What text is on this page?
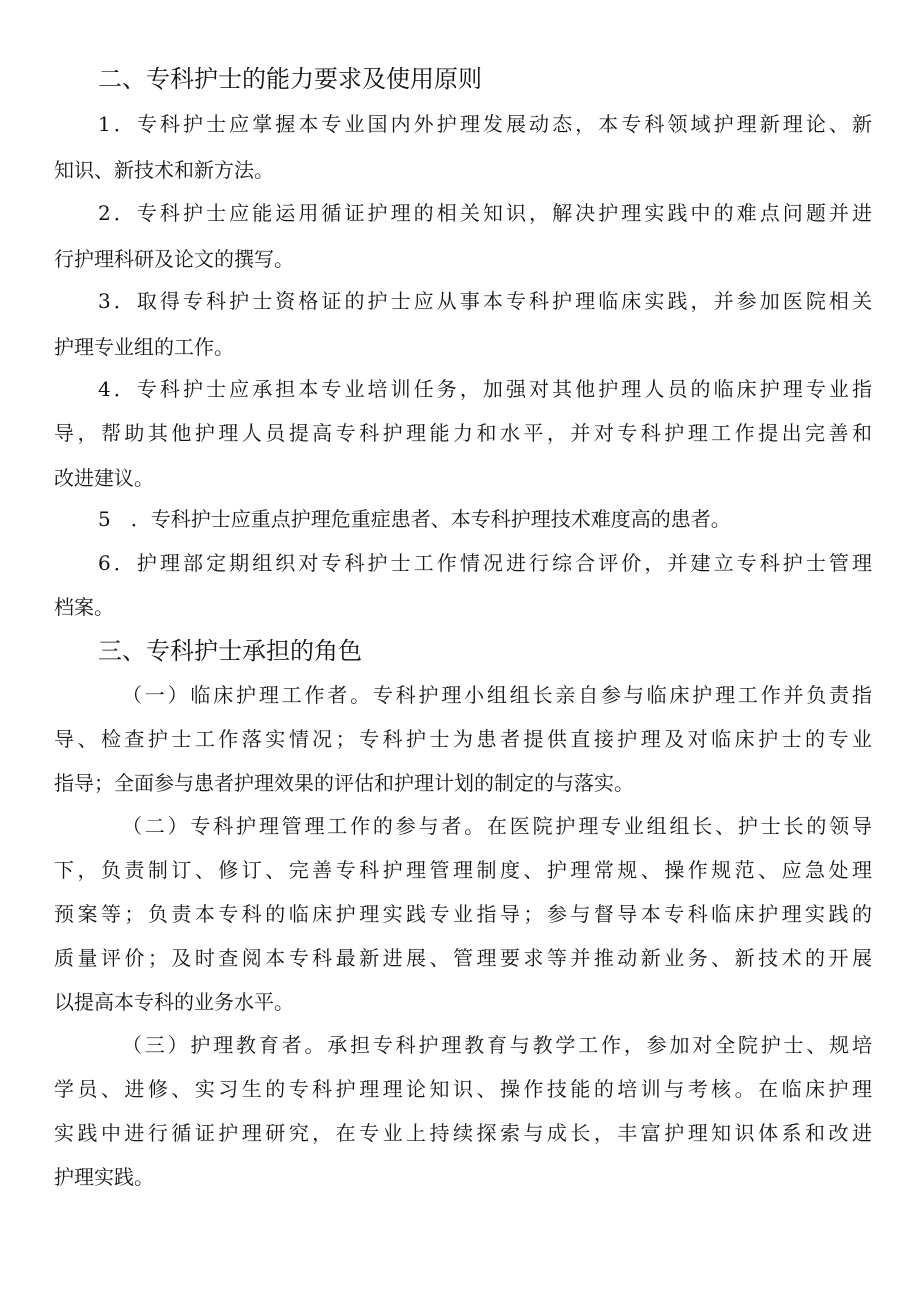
二、专科护士的能力要求及使用原则
1．专科护士应掌握本专业国内外护理发展动态，本专科领域护理新理论、新
知识、新技术和新方法。
2．专科护士应能运用循证护理的相关知识，解决护理实践中的难点问题并进
行护理科研及论文的撰写。
3．取得专科护士资格证的护士应从事本专科护理临床实践，并参加医院相关
护理专业组的工作。
4．专科护士应承担本专业培训任务，加强对其他护理人员的临床护理专业指
导，帮助其他护理人员提高专科护理能力和水平，并对专科护理工作提出完善和
改进建议。
5　．专科护士应重点护理危重症患者、本专科护理技术难度高的患者。
6．护理部定期组织对专科护士工作情况进行综合评价，并建立专科护士管理
档案。
三、专科护士承担的角色
（一）临床护理工作者。专科护理小组组长亲自参与临床护理工作并负责指
导、检查护士工作落实情况；专科护士为患者提供直接护理及对临床护士的专业
指导；全面参与患者护理效果的评估和护理计划的制定的与落实。
（二）专科护理管理工作的参与者。在医院护理专业组组长、护士长的领导
下，负责制订、修订、完善专科护理管理制度、护理常规、操作规范、应急处理
预案等；负责本专科的临床护理实践专业指导；参与督导本专科临床护理实践的
质量评价；及时查阅本专科最新进展、管理要求等并推动新业务、新技术的开展
以提高本专科的业务水平。
（三）护理教育者。承担专科护理教育与教学工作，参加对全院护士、规培
学员、进修、实习生的专科护理理论知识、操作技能的培训与考核。在临床护理
实践中进行循证护理研究，在专业上持续探索与成长，丰富护理知识体系和改进
护理实践。
